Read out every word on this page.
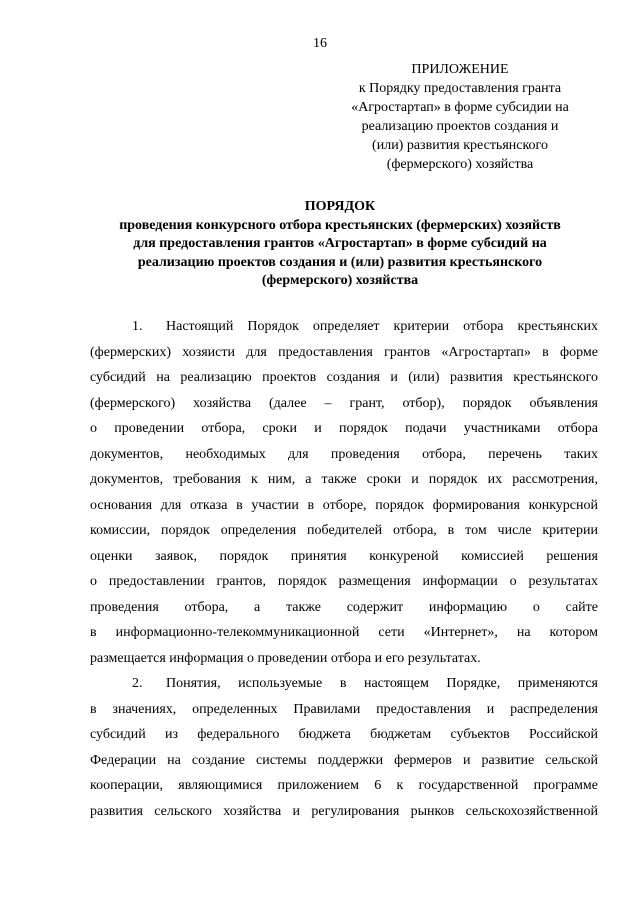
16
ПРИЛОЖЕНИЕ
к Порядку предоставления гранта
«Агростартап» в форме субсидии на
реализацию проектов создания и
(или) развития крестьянского
(фермерского) хозяйства
ПОРЯДОК
проведения конкурсного отбора крестьянских (фермерских) хозяйств
для предоставления грантов «Агростартап» в форме субсидий на
реализацию проектов создания и (или) развития крестьянского
(фермерского) хозяйства
1. Настоящий Порядок определяет критерии отбора крестьянских
(фермерских) хозяисти для предоставления грантов «Агростартап» в форме
субсидий на реализацию проектов создания и (или) развития крестьянского
(фермерского) хозяйства (далее – грант, отбор), порядок объявления
о проведении отбора, сроки и порядок подачи участниками отбора
документов, необходимых для проведения отбора, перечень таких
документов, требования к ним, а также сроки и порядок их рассмотрения,
основания для отказа в участии в отборе, порядок формирования конкурсной
комиссии, порядок определения победителей отбора, в том числе критерии
оценки заявок, порядок принятия конкуреной комиссией решения
о предоставлении грантов, порядок размещения информации о результатах
проведения отбора, а также содержит информацию о сайте
в информационно-телекоммуникационной сети «Интернет», на котором
размещается информация о проведении отбора и его результатах.
2. Понятия, используемые в настоящем Порядке, применяются
в значениях, определенных Правилами предоставления и распределения
субсидий из федерального бюджета бюджетам субъектов Российской
Федерации на создание системы поддержки фермеров и развитие сельской
кооперации, являющимися приложением 6 к государственной программе
развития сельского хозяйства и регулирования рынков сельскохозяйственной
